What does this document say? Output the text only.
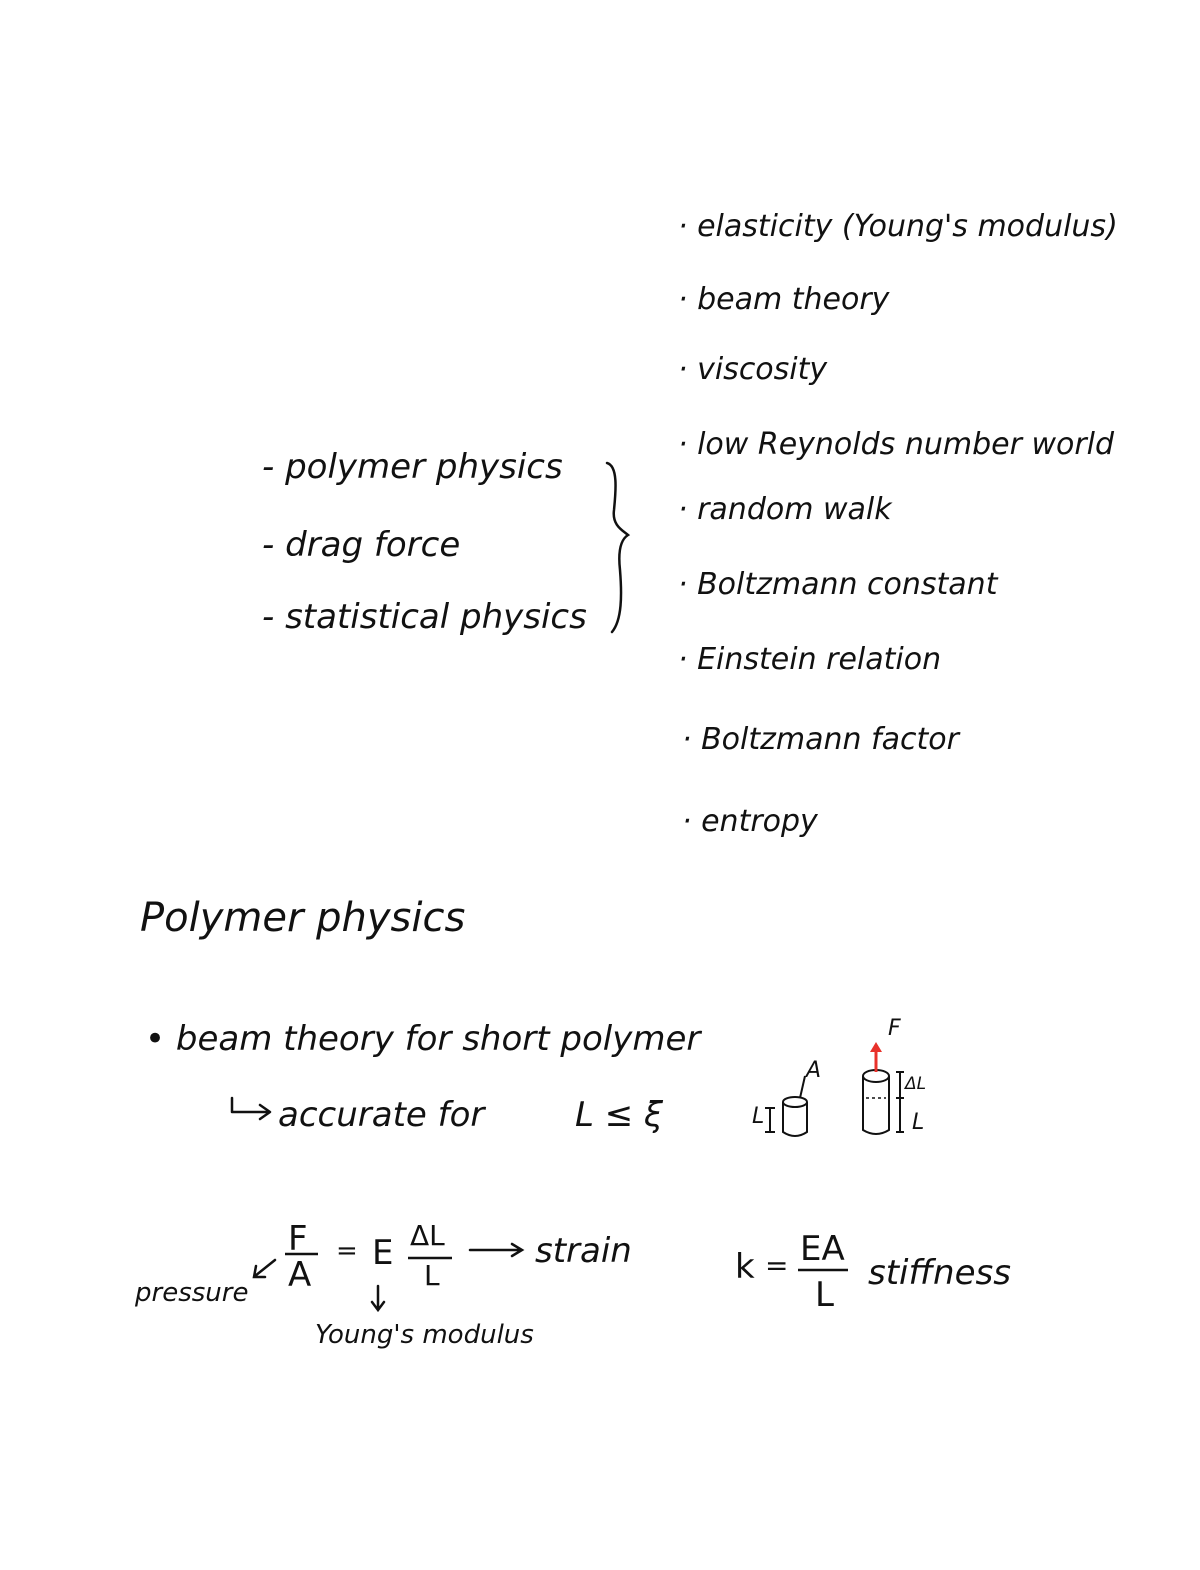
· elasticity (Young's modulus)
· beam theory
· viscosity
· low Reynolds number world
· random walk
· Boltzmann constant
· Einstein relation
· Boltzmann factor
· entropy
- polymer physics
- drag force
- statistical physics
Polymer physics
• beam theory for short polymer
accurate for	L ≤ ξ	L
A
F
ΔL
L
F
A
= E ΔL
L
strain
pressure
Young's modulus
k = EA
L
stiffness
